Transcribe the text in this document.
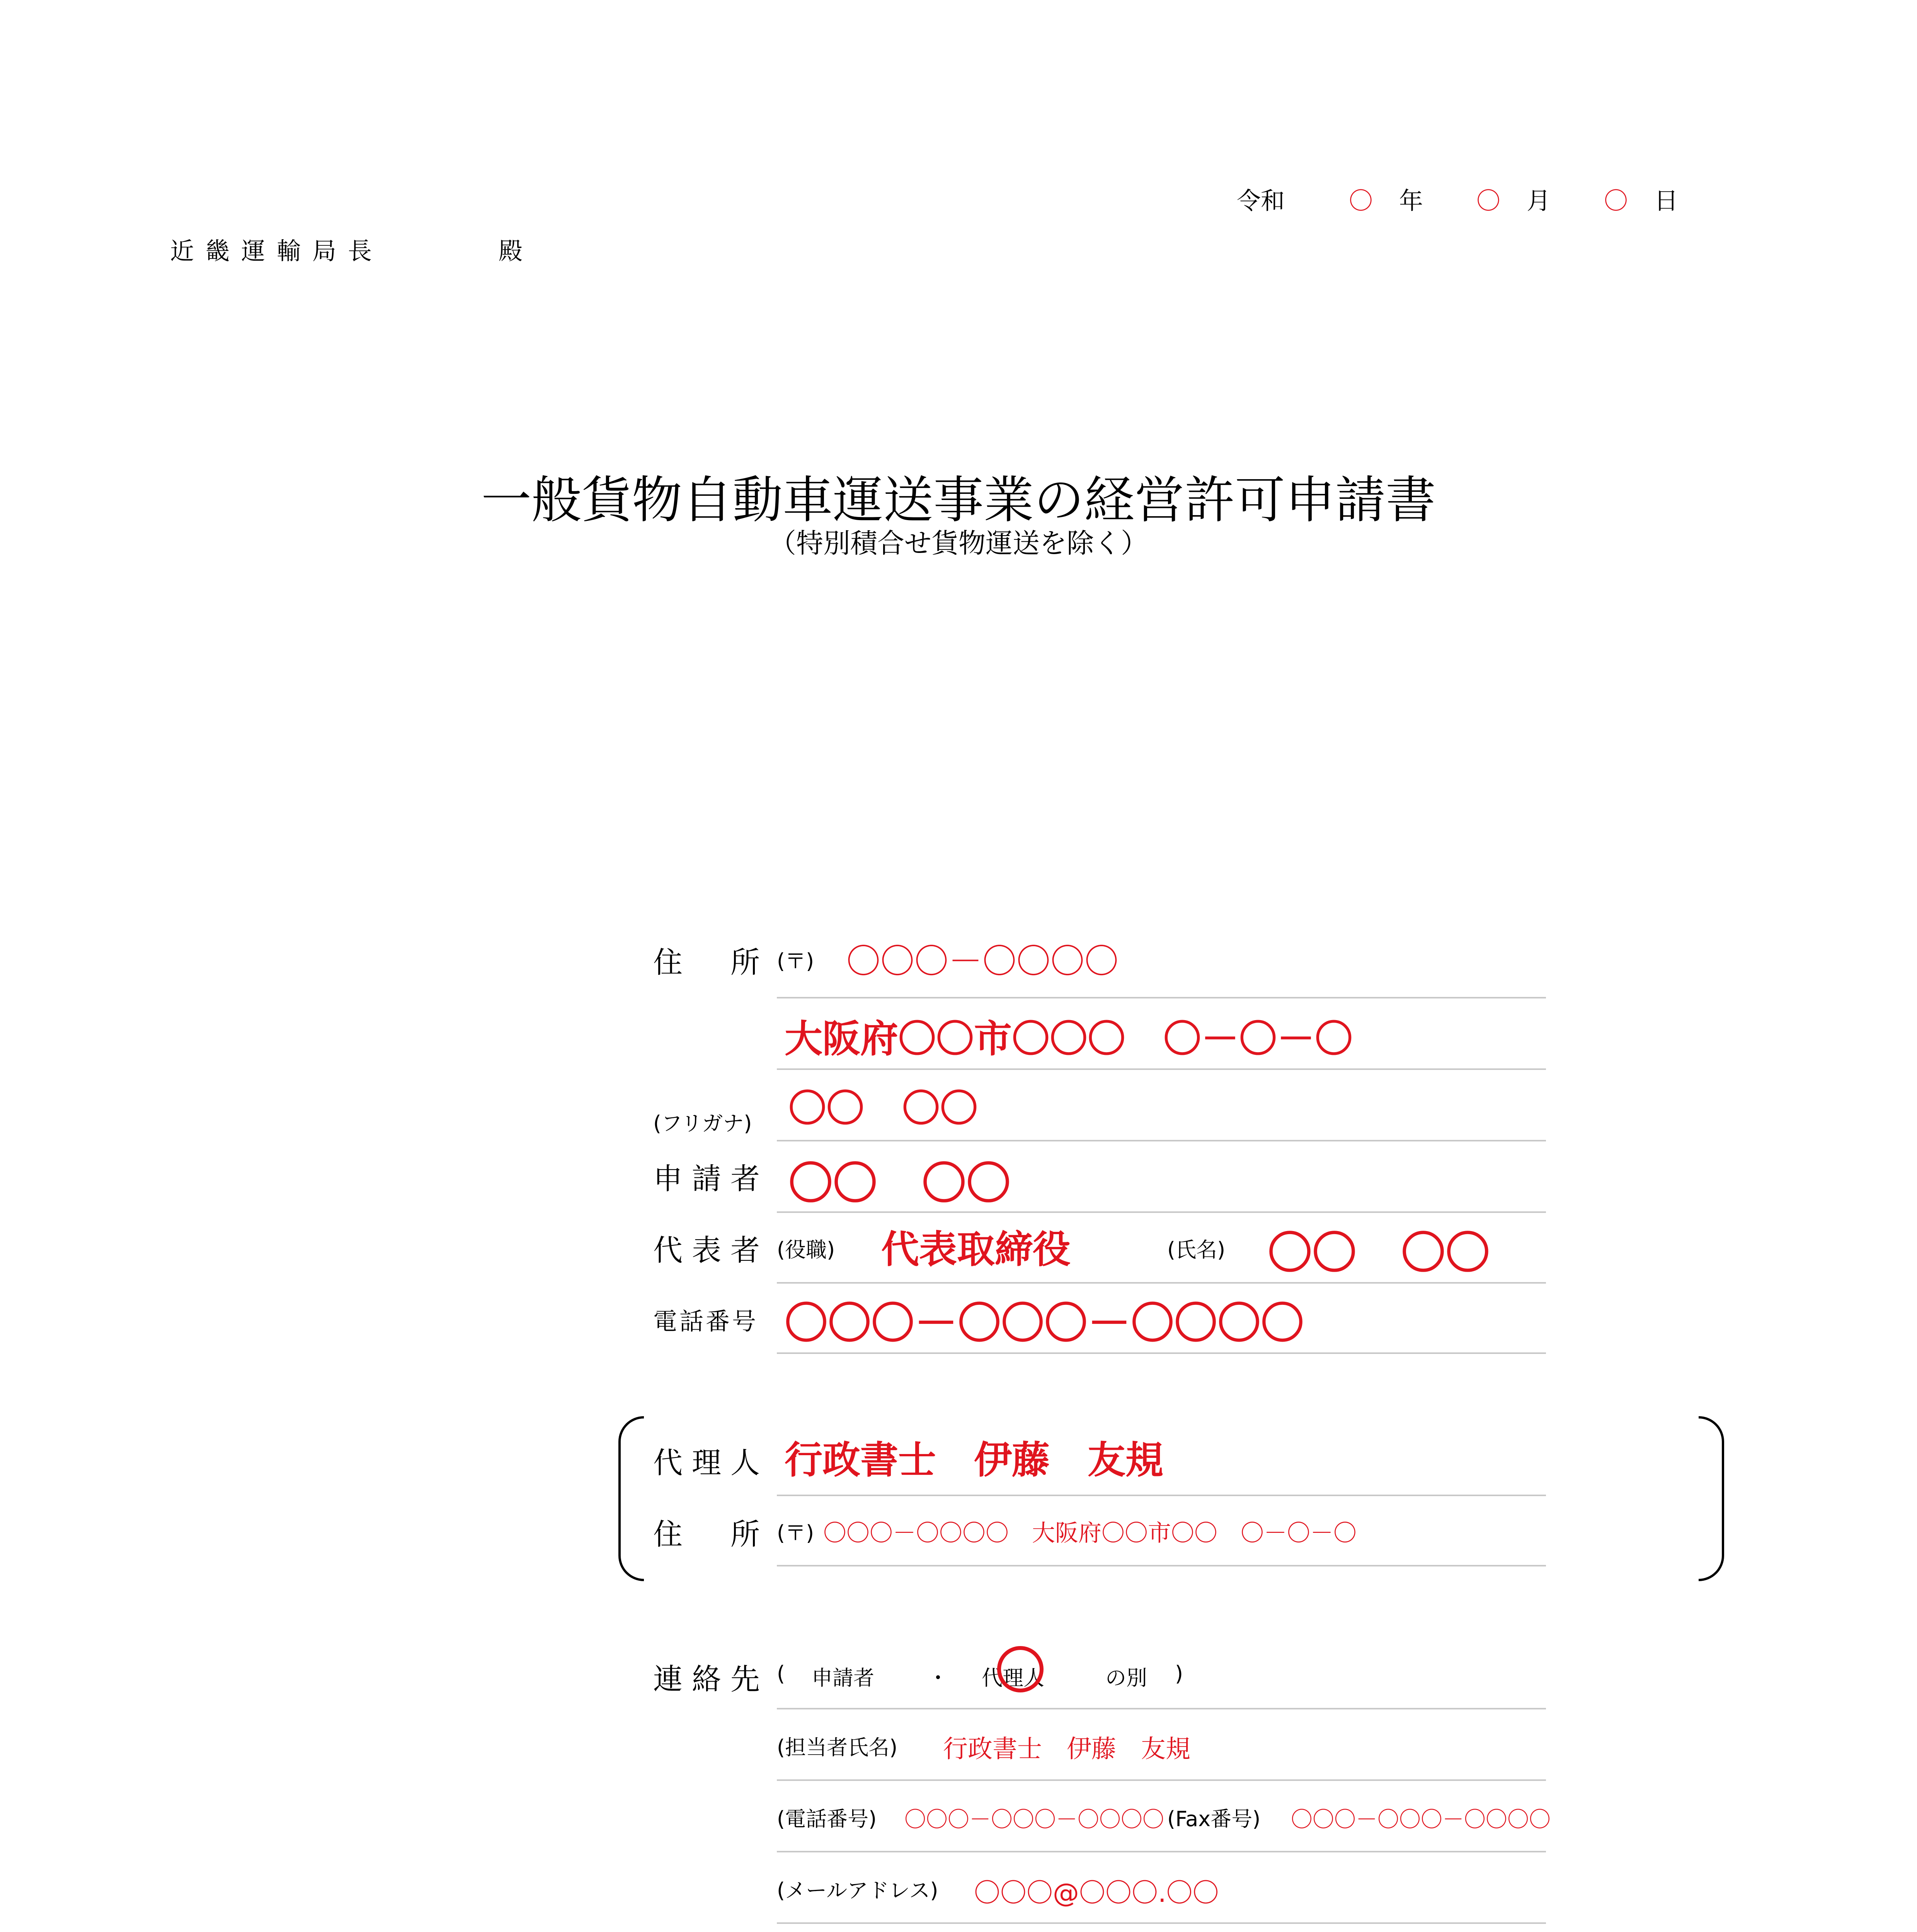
令和	〇 年 〇 月 〇 日
近畿運輸局長	殿
一般貨物自動車運送事業の経営許可申請書
（特別積合せ貨物運送を除く）
住　所 (〒) 〇〇〇－〇〇〇〇
大阪府〇〇市〇〇〇　〇－〇－〇
(フリガナ) 〇〇　〇〇
申請者 〇〇　〇〇
代表者 (役職) 代表取締役	(氏名) 〇〇　〇〇
電話番号 〇〇〇－〇〇〇－〇〇〇〇
代理人 行政書士　伊藤　友規
住　所 (〒) 〇〇〇－〇〇〇〇　大阪府〇〇市〇〇　〇－〇－〇
連絡先 ( 申請者	・ 代理人	の別 )
(担当者氏名) 行政書士　伊藤　友規
(電話番号) 〇〇〇－〇〇〇－〇〇〇〇 (Fax番号) 〇〇〇－〇〇〇－〇〇〇〇
(メールアドレス) 〇〇〇@〇〇〇.〇〇
